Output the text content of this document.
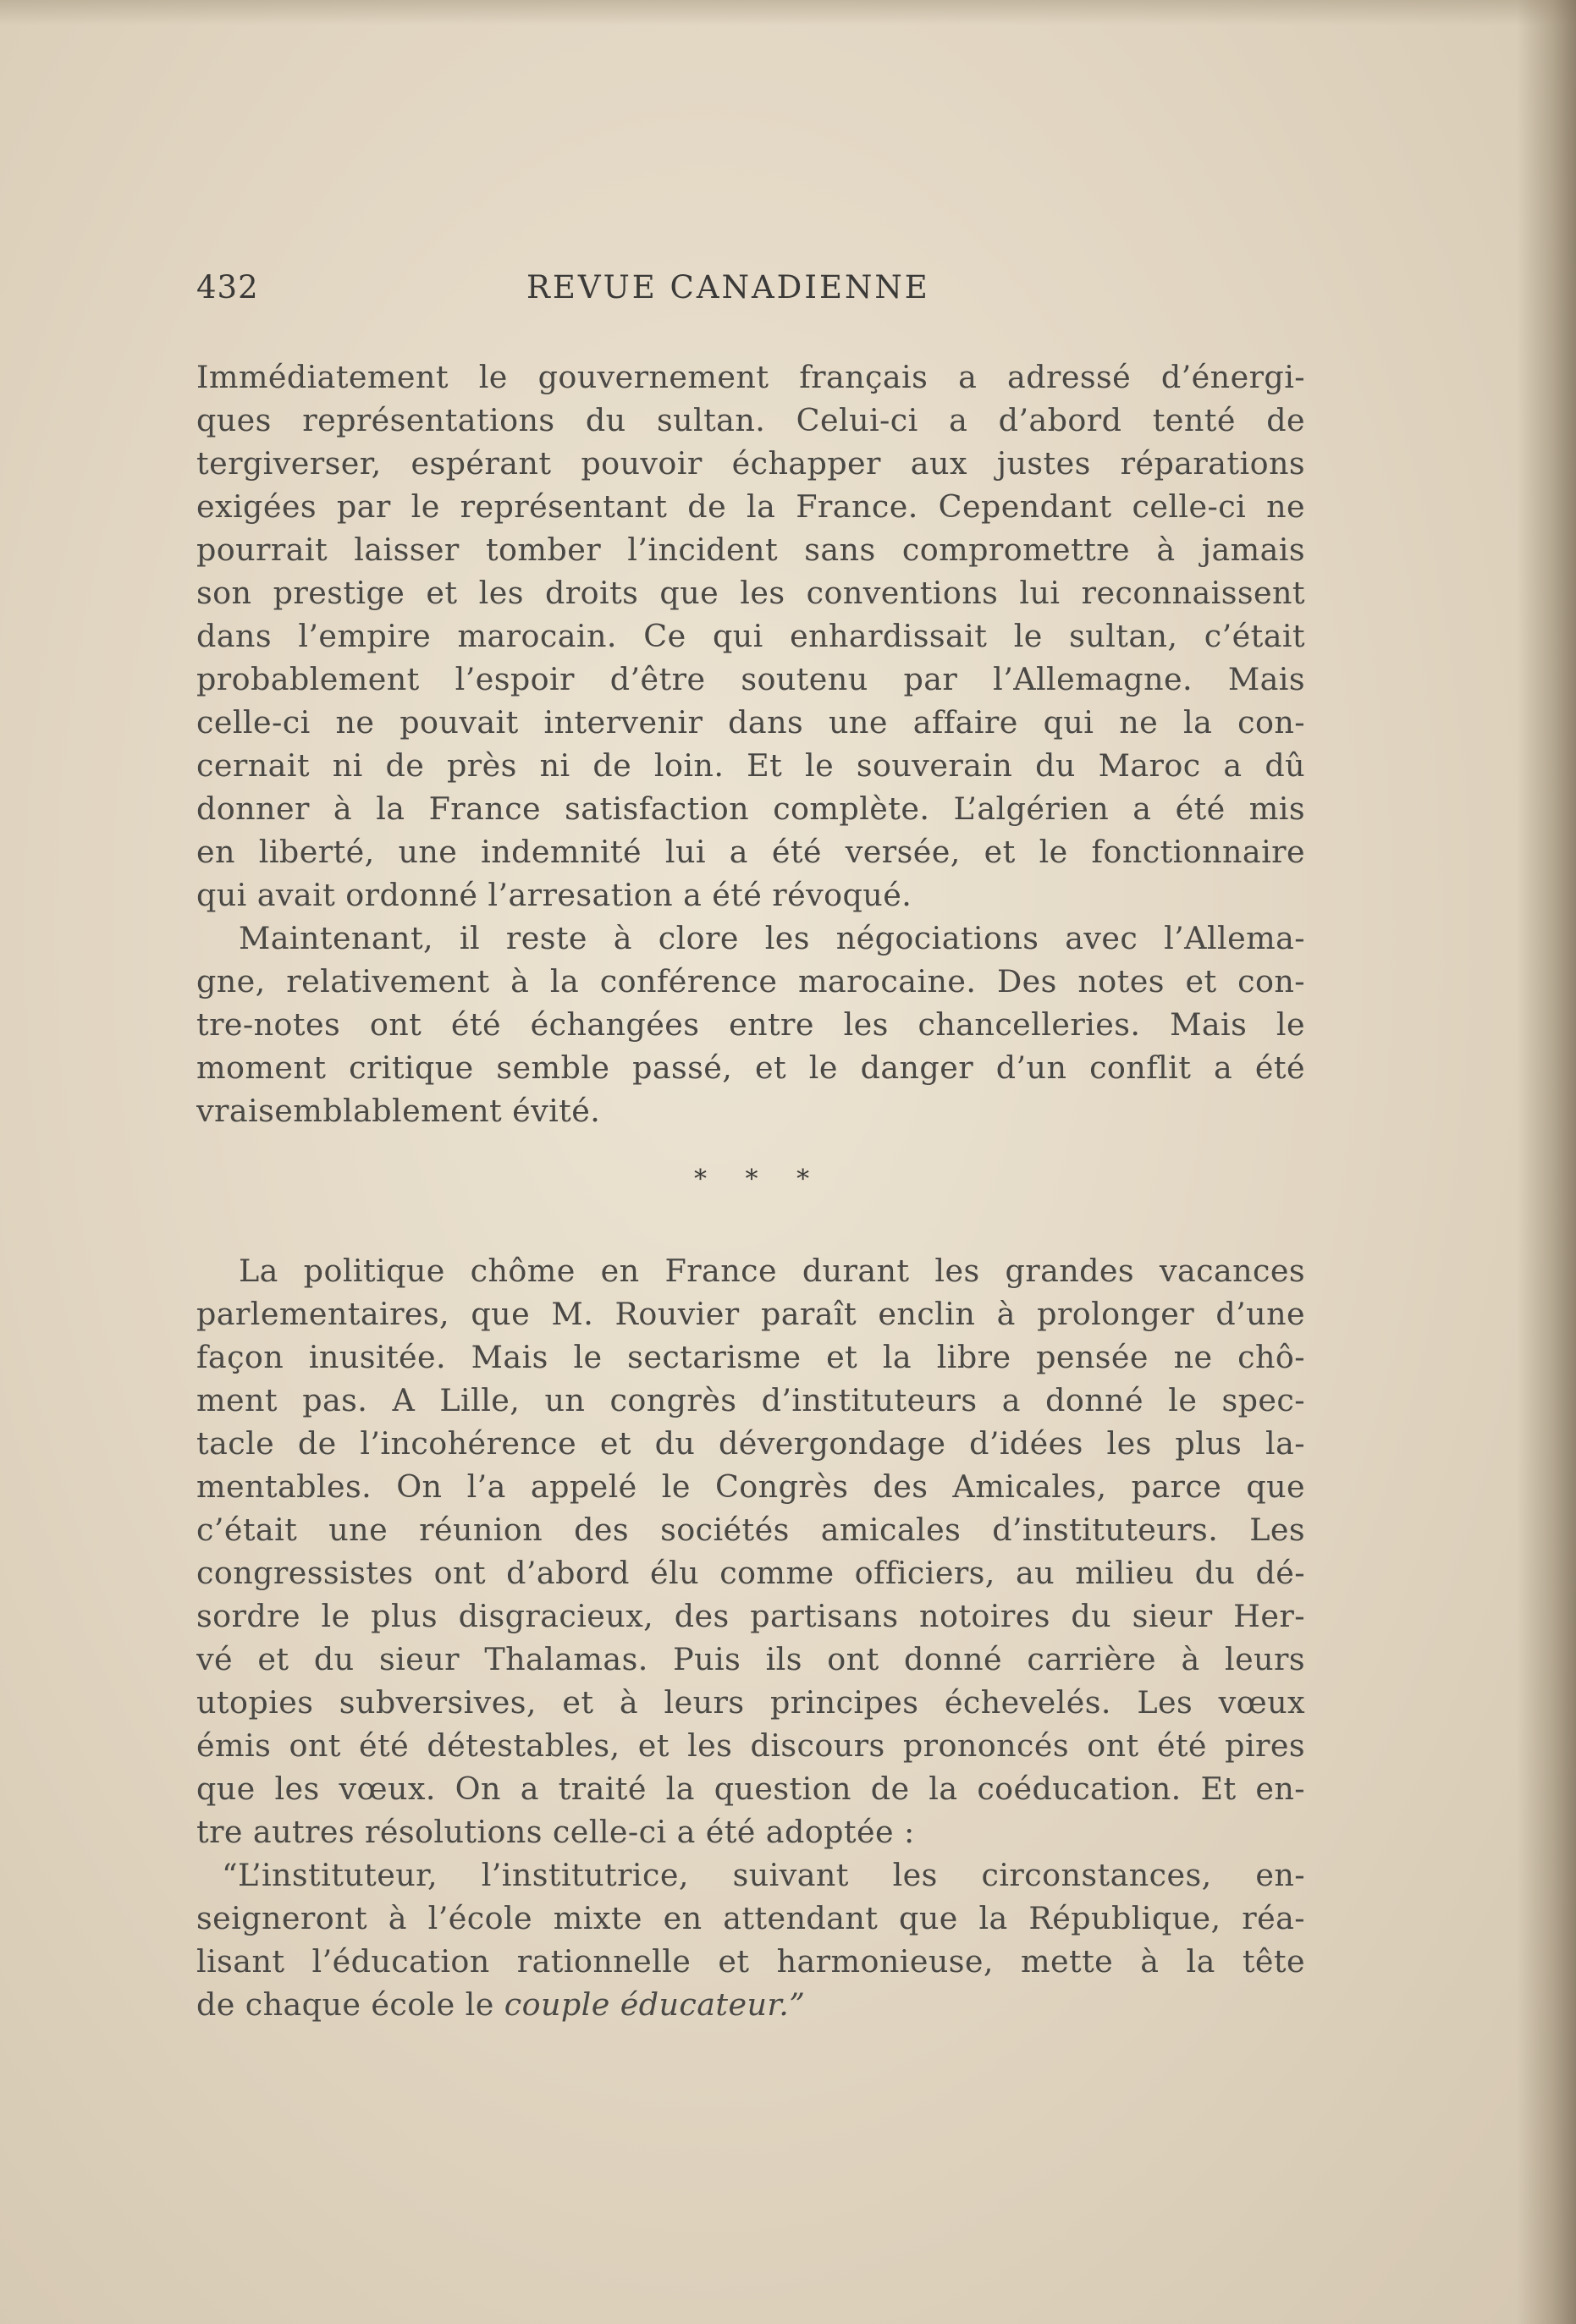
432	REVUE CANADIENNE
Immédiatement le gouvernement français a adressé d’énergi-
ques représentations du sultan. Celui-ci a d’abord tenté de
tergiverser, espérant pouvoir échapper aux justes réparations
exigées par le représentant de la France. Cependant celle-ci ne
pourrait laisser tomber l’incident sans compromettre à jamais
son prestige et les droits que les conventions lui reconnaissent
dans l’empire marocain. Ce qui enhardissait le sultan, c’était
probablement l’espoir d’être soutenu par l’Allemagne. Mais
celle-ci ne pouvait intervenir dans une affaire qui ne la con-
cernait ni de près ni de loin. Et le souverain du Maroc a dû
donner à la France satisfaction complète. L’algérien a été mis
en liberté, une indemnité lui a été versée, et le fonctionnaire
qui avait ordonné l’arresation a été révoqué.
Maintenant, il reste à clore les négociations avec l’Allema-
gne, relativement à la conférence marocaine. Des notes et con-
tre-notes ont été échangées entre les chancelleries. Mais le
moment critique semble passé, et le danger d’un conflit a été
vraisemblablement évité.
* * *
La politique chôme en France durant les grandes vacances
parlementaires, que M. Rouvier paraît enclin à prolonger d’une
façon inusitée. Mais le sectarisme et la libre pensée ne chô-
ment pas. A Lille, un congrès d’instituteurs a donné le spec-
tacle de l’incohérence et du dévergondage d’idées les plus la-
mentables. On l’a appelé le Congrès des Amicales, parce que
c’était une réunion des sociétés amicales d’instituteurs. Les
congressistes ont d’abord élu comme officiers, au milieu du dé-
sordre le plus disgracieux, des partisans notoires du sieur Her-
vé et du sieur Thalamas. Puis ils ont donné carrière à leurs
utopies subversives, et à leurs principes échevelés. Les vœux
émis ont été détestables, et les discours prononcés ont été pires
que les vœux. On a traité la question de la coéducation. Et en-
tre autres résolutions celle-ci a été adoptée :
“L’instituteur, l’institutrice, suivant les circonstances, en-
seigneront à l’école mixte en attendant que la République, réa-
lisant l’éducation rationnelle et harmonieuse, mette à la tête
de chaque école le couple éducateur.”
